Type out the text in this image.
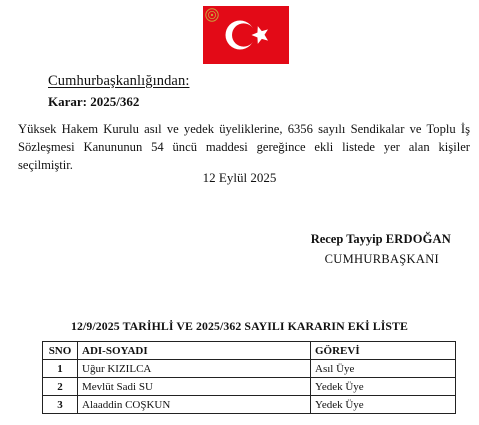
Cumhurbaşkanlığından:
Karar: 2025/362

Yüksek Hakem Kurulu asıl ve yedek üyeliklerine, 6356 sayılı Sendikalar ve Toplu İş Sözleşmesi Kanununun 54 üncü maddesi gereğince ekli listede yer alan kişiler seçilmiştir.

12 Eylül 2025
Recep Tayyip ERDOĞAN
CUMHURBAŞKANI
12/9/2025 TARİHLİ VE 2025/362 SAYILI KARARIN EKİ LİSTE
SNO	ADI-SOYADI	GÖREVİ
1	Uğur KIZILCA	Asıl Üye
2	Mevlüt Sadi SU	Yedek Üye
3	Alaaddin COŞKUN	Yedek Üye
